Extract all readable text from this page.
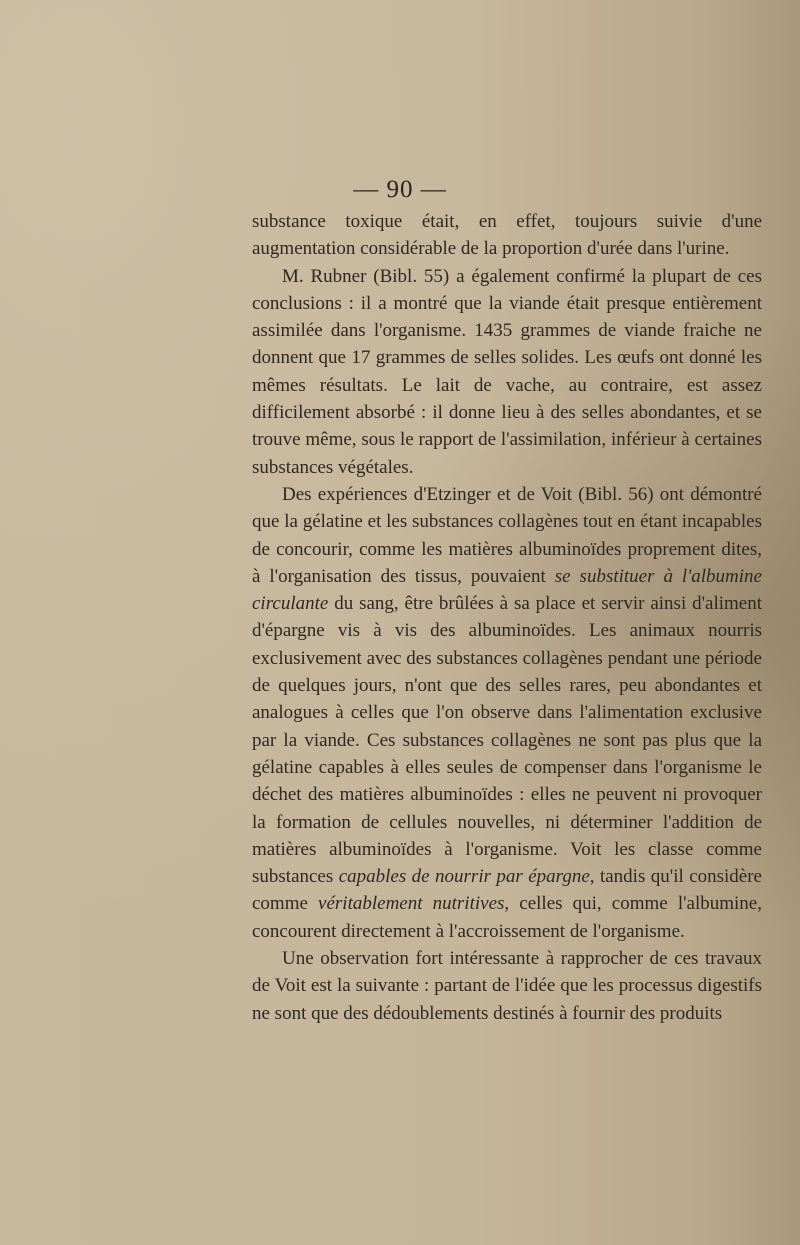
— 90 —

substance toxique était, en effet, toujours suivie d'une augmentation considérable de la proportion d'urée dans l'urine.

M. Rubner (Bibl. 55) a également confirmé la plupart de ces conclusions : il a montré que la viande était presque entièrement assimilée dans l'organisme. 1435 grammes de viande fraiche ne donnent que 17 grammes de selles solides. Les œufs ont donné les mêmes résultats. Le lait de vache, au contraire, est assez difficilement absorbé : il donne lieu à des selles abondantes, et se trouve même, sous le rapport de l'assimilation, inférieur à certaines substances végétales.

Des expériences d'Etzinger et de Voit (Bibl. 56) ont démontré que la gélatine et les substances collagènes tout en étant incapables de concourir, comme les matières albuminoïdes proprement dites, à l'organisation des tissus, pouvaient se substituer à l'albumine circulante du sang, être brûlées à sa place et servir ainsi d'aliment d'épargne vis à vis des albuminoïdes. Les animaux nourris exclusivement avec des substances collagènes pendant une période de quelques jours, n'ont que des selles rares, peu abondantes et analogues à celles que l'on observe dans l'alimentation exclusive par la viande. Ces substances collagènes ne sont pas plus que la gélatine capables à elles seules de compenser dans l'organisme le déchet des matières albuminoïdes : elles ne peuvent ni provoquer la formation de cellules nouvelles, ni déterminer l'addition de matières albuminoïdes à l'organisme. Voit les classe comme substances capables de nourrir par épargne, tandis qu'il considère comme véritablement nutritives, celles qui, comme l'albumine, concourent directement à l'accroissement de l'organisme.

Une observation fort intéressante à rapprocher de ces travaux de Voit est la suivante : partant de l'idée que les processus digestifs ne sont que des dédoublements destinés à fournir des produits
